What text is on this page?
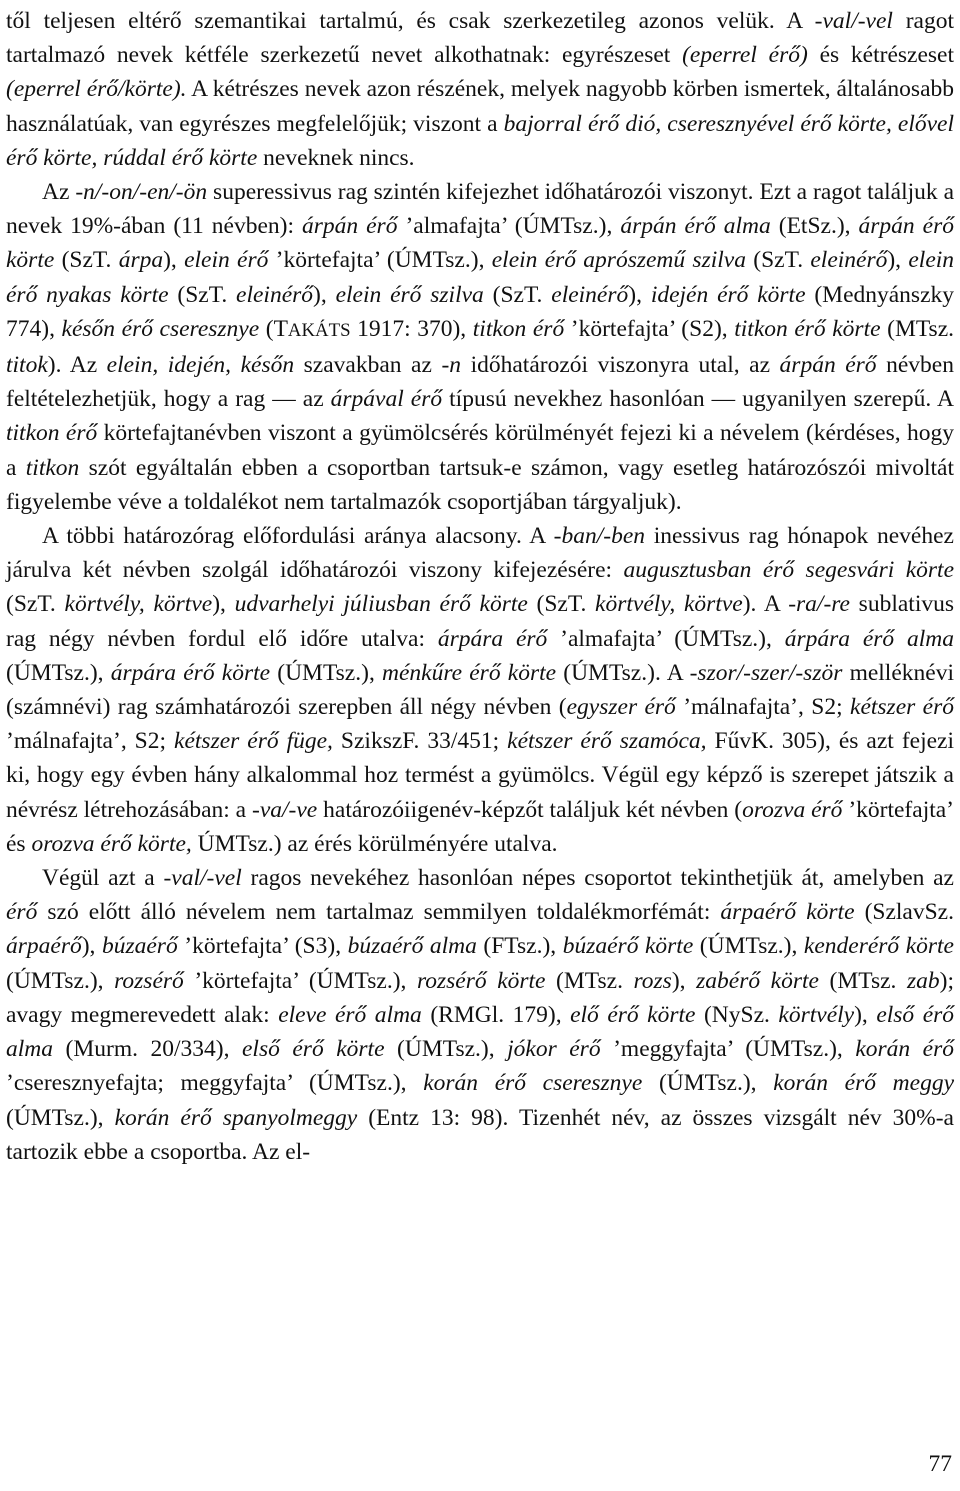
től teljesen eltérő szemantikai tartalmú, és csak szerkezetileg azonos velük. A -val/-vel ragot tartalmazó nevek kétféle szerkezetű nevet alkothatnak: egyrészeset (eperrel érő) és kétrészeset (eperrel érő/körte). A kétrészes nevek azon részének, melyek nagyobb körben ismertek, általánosabb használatúak, van egyrészes megfelelőjük; viszont a bajorral érő dió, cseresznyével érő körte, elővel érő körte, rúddal érő körte neveknek nincs.

Az -n/-on/-en/-ön superessivus rag szintén kifejezhet időhatározói viszonyt. Ezt a ragot találjuk a nevek 19%-ában (11 névben): árpán érő ’almafajta’ (ÚMTsz.), árpán érő alma (EtSz.), árpán érő körte (SzT. árpa), elein érő ’körtefajta’ (ÚMTsz.), elein érő aprószemű szilva (SzT. eleinérő), elein érő nyakas körte (SzT. eleinérő), elein érő szilva (SzT. eleinérő), idején érő körte (Mednyánszky 774), későn érő cseresznye (TAKÁTS 1917: 370), titkon érő ’körtefajta’ (S2), titkon érő körte (MTsz. titok). Az elein, idején, későn szavakban az -n időhatározói viszonyra utal, az árpán érő névben feltételezhetjük, hogy a rag — az árpával érő típusú nevekhez hasonlóan — ugyanilyen szerepű. A titkon érő körtefajtanévben viszont a gyümölcsérés körülményét fejezi ki a névelem (kérdéses, hogy a titkon szót egyáltalán ebben a csoportban tartsuk-e számon, vagy esetleg határozószói mivoltát figyelembe véve a toldalékot nem tartalmazók csoportjában tárgyaljuk).

A többi határozórag előfordulási aránya alacsony. A -ban/-ben inessivus rag hónapok nevéhez járulva két névben szolgál időhatározói viszony kifejezésére: augusztusban érő segesvári körte (SzT. körtvély, körtve), udvarhelyi júliusban érő körte (SzT. körtvély, körtve). A -ra/-re sublativus rag négy névben fordul elő időre utalva: árpára érő ’almafajta’ (ÚMTsz.), árpára érő alma (ÚMTsz.), árpára érő körte (ÚMTsz.), ménkűre érő körte (ÚMTsz.). A -szor/-szer/-ször melléknévi (számnévi) rag számhatározói szerepben áll négy névben (egyszer érő ’málnafajta’, S2; kétszer érő ’málnafajta’, S2; kétszer érő füge, SzikszF. 33/451; kétszer érő szamóca, FűvK. 305), és azt fejezi ki, hogy egy évben hány alkalommal hoz termést a gyümölcs. Végül egy képző is szerepet játszik a névrész létrehozásában: a -va/-ve határozóiigenév-képzőt találjuk két névben (orozva érő ’körtefajta’ és orozva érő körte, ÚMTsz.) az érés körülményére utalva.

Végül azt a -val/-vel ragos nevekéhez hasonlóan népes csoportot tekinthetjük át, amelyben az érő szó előtt álló névelem nem tartalmaz semmilyen toldalékmorfémát: árpaérő körte (SzlavSz. árpaérő), búzaérő ’körtefajta’ (S3), búzaérő alma (FTsz.), búzaérő körte (ÚMTsz.), kenderérő körte (ÚMTsz.), rozsérő ’körtefajta’ (ÚMTsz.), rozsérő körte (MTsz. rozs), zabérő körte (MTsz. zab); avagy megmerevedett alak: eleve érő alma (RMGl. 179), elő érő körte (NySz. körtvély), első érő alma (Murm. 20/334), első érő körte (ÚMTsz.), jókor érő ’meggyfajta’ (ÚMTsz.), korán érő ’cseresznyefajta; meggyfajta’ (ÚMTsz.), korán érő cseresznye (ÚMTsz.), korán érő meggy (ÚMTsz.), korán érő spanyolmeggy (Entz 13: 98). Tizenhét név, az összes vizsgált név 30%-a tartozik ebbe a csoportba. Az el-

77
